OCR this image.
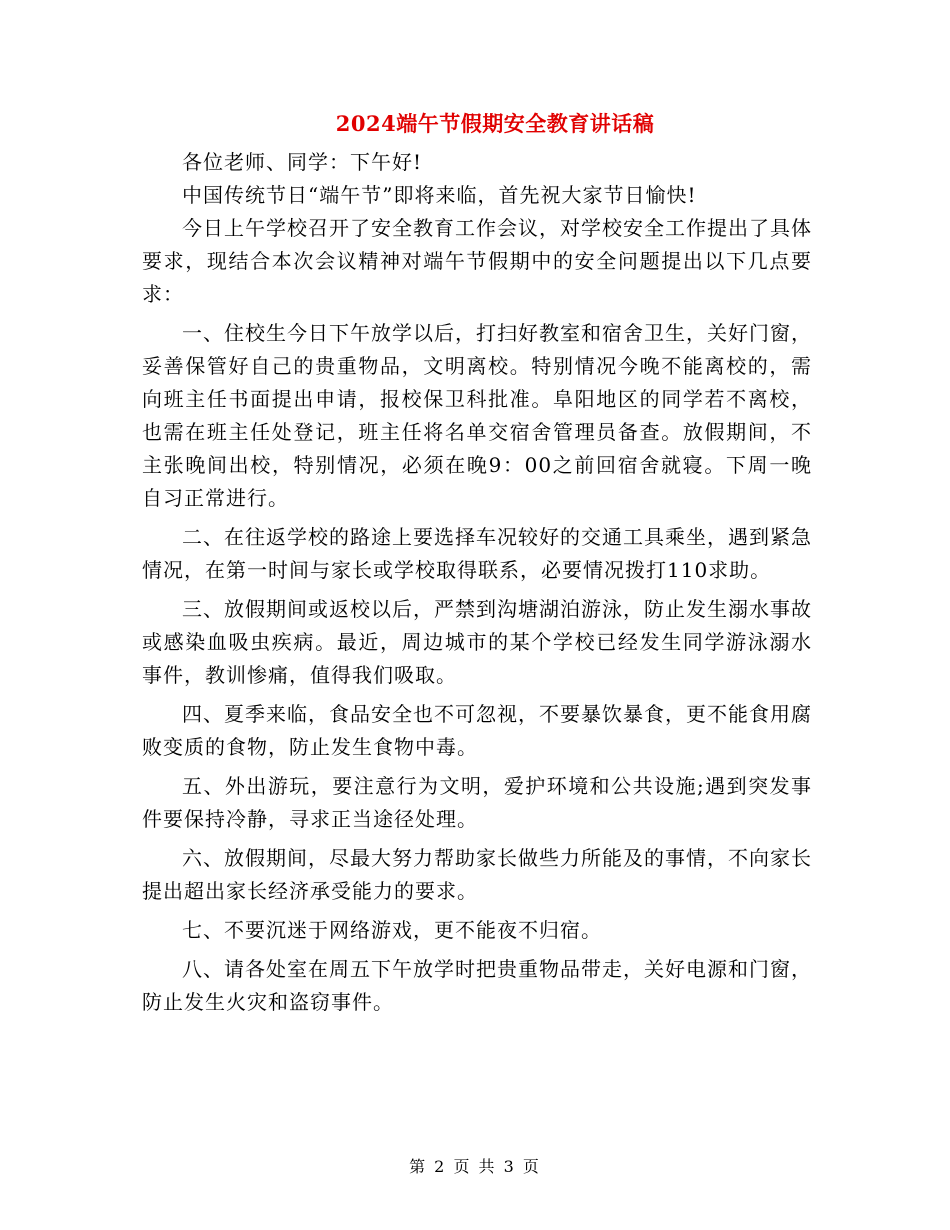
2024端午节假期安全教育讲话稿

各位老师、同学：下午好!

中国传统节日“端午节”即将来临，首先祝大家节日愉快!

今日上午学校召开了安全教育工作会议，对学校安全工作提出了具体要求，现结合本次会议精神对端午节假期中的安全问题提出以下几点要求：

一、住校生今日下午放学以后，打扫好教室和宿舍卫生，关好门窗，妥善保管好自己的贵重物品，文明离校。特别情况今晚不能离校的，需向班主任书面提出申请，报校保卫科批准。阜阳地区的同学若不离校，也需在班主任处登记，班主任将名单交宿舍管理员备查。放假期间，不主张晚间出校，特别情况，必须在晚9：00之前回宿舍就寝。下周一晚自习正常进行。

二、在往返学校的路途上要选择车况较好的交通工具乘坐，遇到紧急情况，在第一时间与家长或学校取得联系，必要情况拨打110求助。

三、放假期间或返校以后，严禁到沟塘湖泊游泳，防止发生溺水事故或感染血吸虫疾病。最近，周边城市的某个学校已经发生同学游泳溺水事件，教训惨痛，值得我们吸取。

四、夏季来临，食品安全也不可忽视，不要暴饮暴食，更不能食用腐败变质的食物，防止发生食物中毒。

五、外出游玩，要注意行为文明，爱护环境和公共设施;遇到突发事件要保持冷静，寻求正当途径处理。

六、放假期间，尽最大努力帮助家长做些力所能及的事情，不向家长提出超出家长经济承受能力的要求。

七、不要沉迷于网络游戏，更不能夜不归宿。

八、请各处室在周五下午放学时把贵重物品带走，关好电源和门窗，防止发生火灾和盗窃事件。

第 2 页 共 3 页
